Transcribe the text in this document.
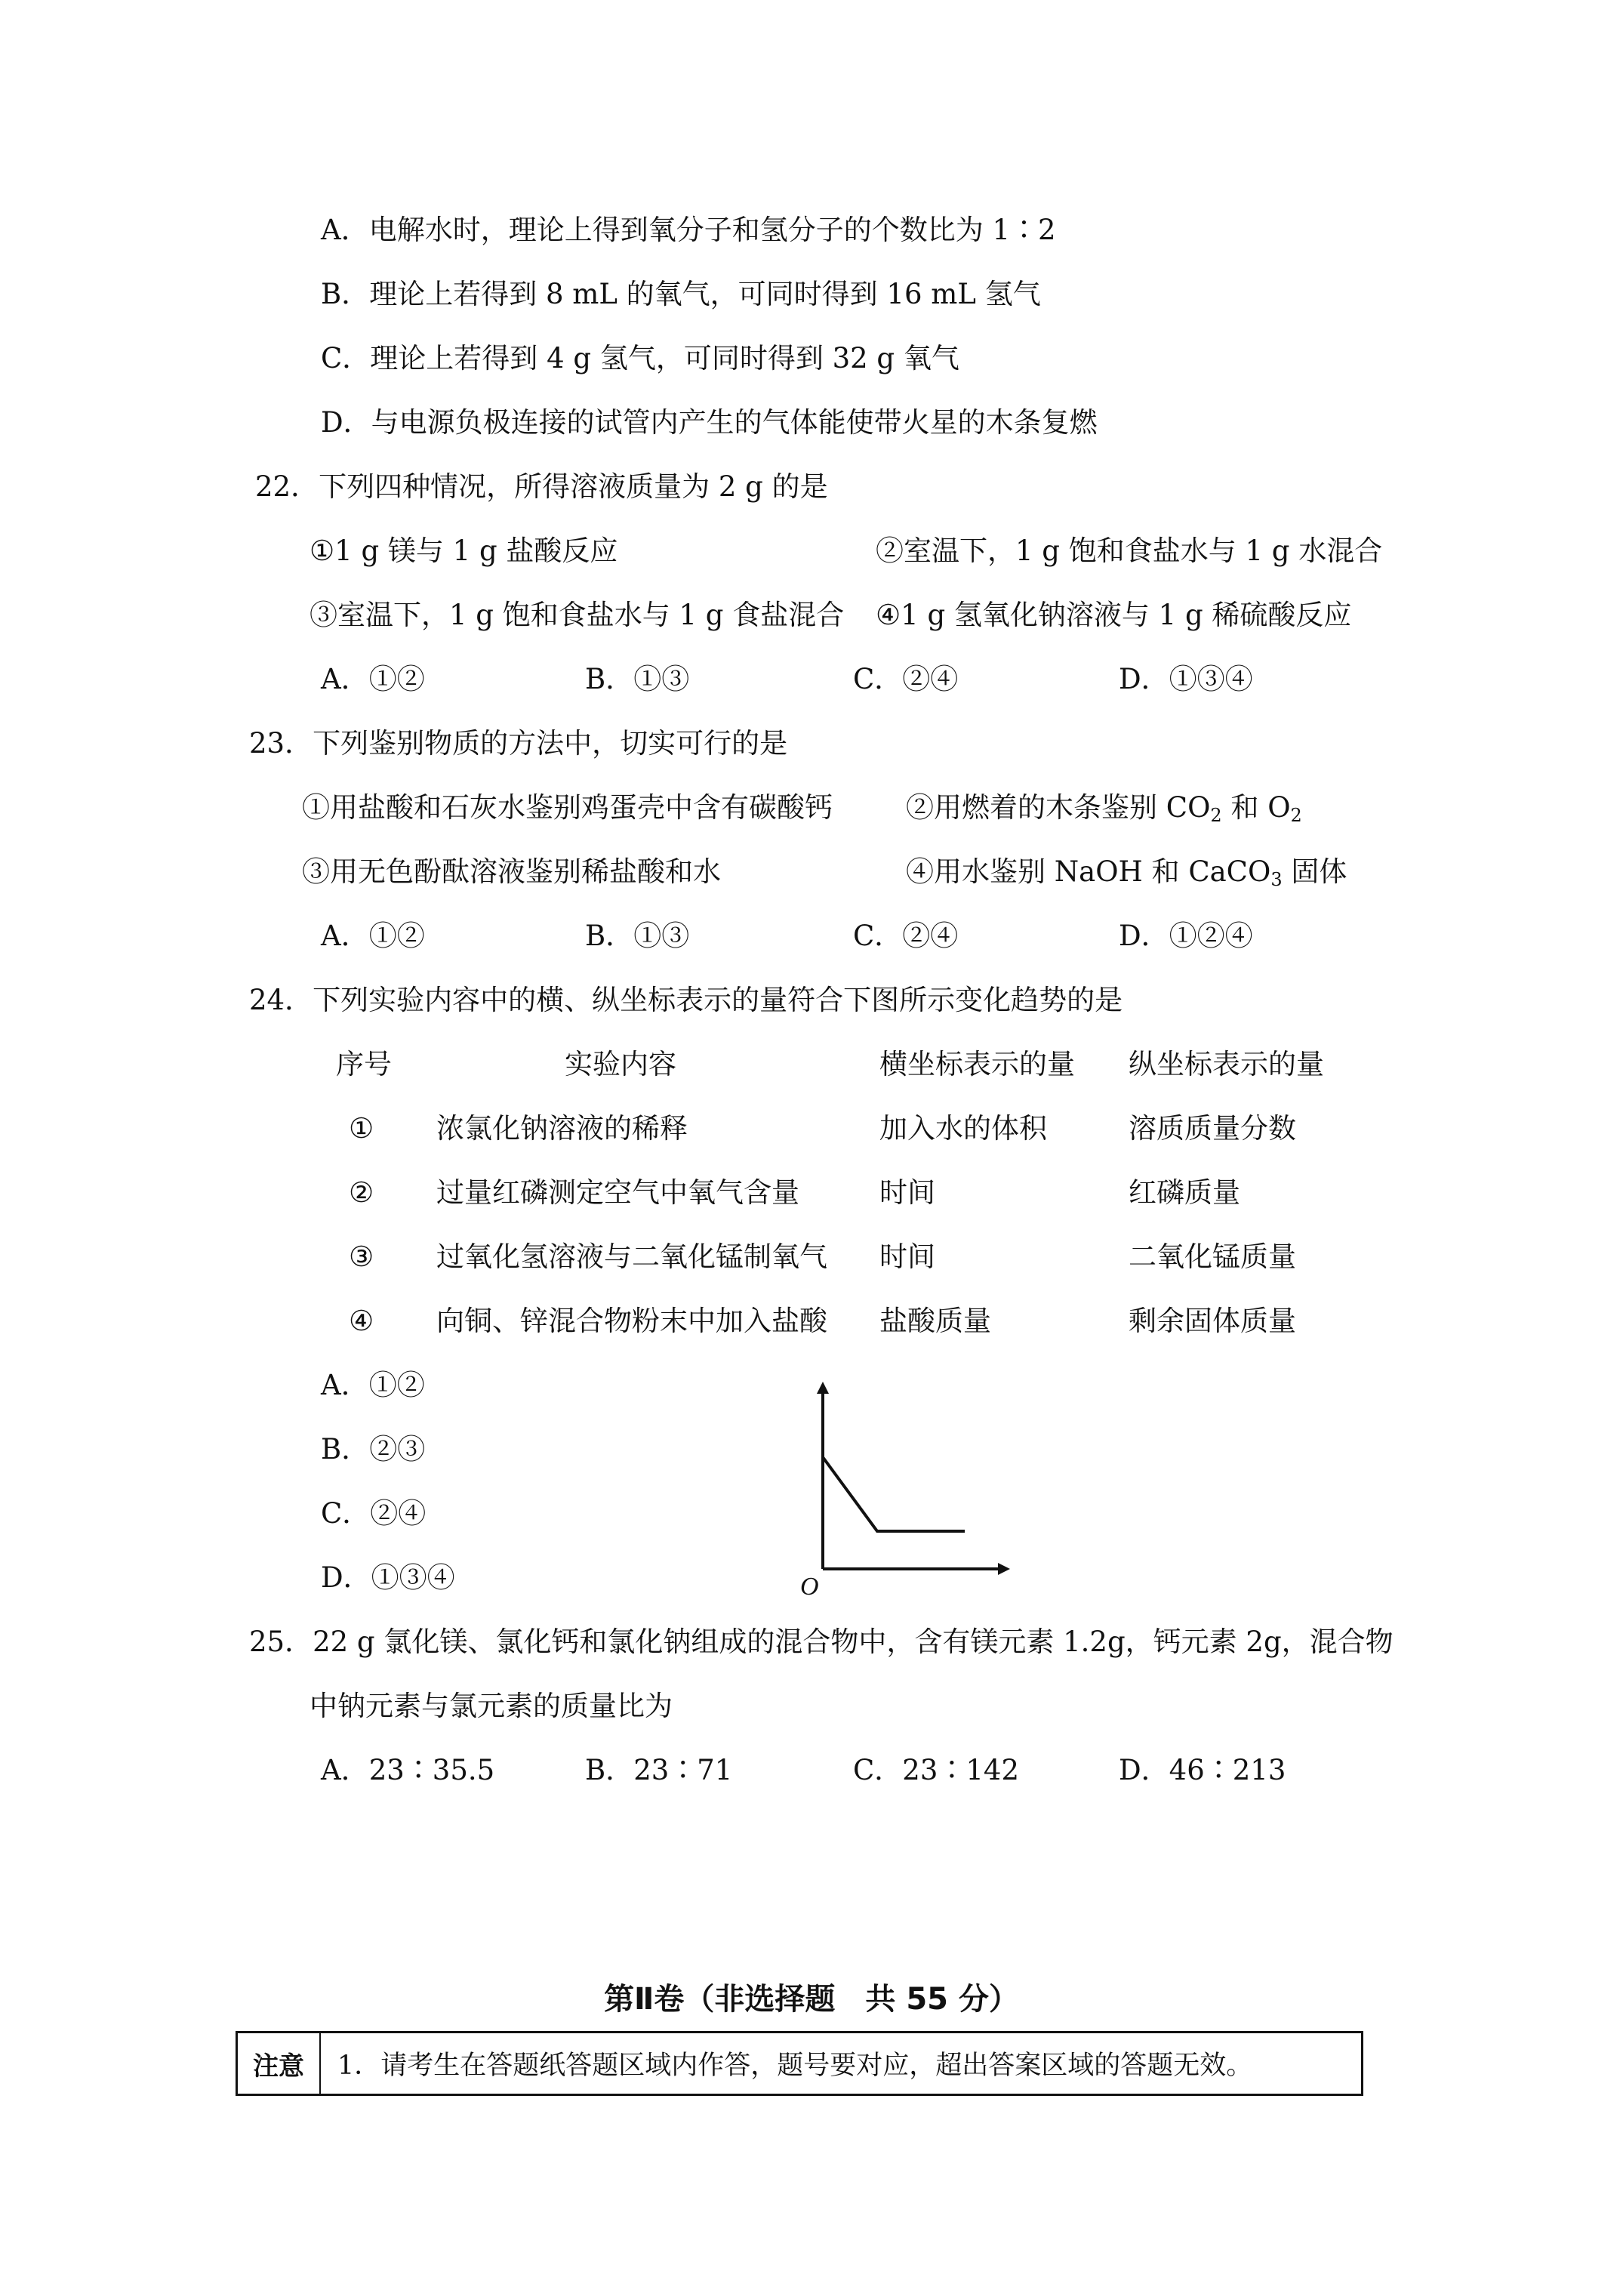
A．电解水时，理论上得到氧分子和氢分子的个数比为 1∶2
B．理论上若得到 8 mL 的氧气，可同时得到 16 mL 氢气
C．理论上若得到 4 g 氢气，可同时得到 32 g 氧气
D．与电源负极连接的试管内产生的气体能使带火星的木条复燃
22．下列四种情况，所得溶液质量为 2 g 的是
①1 g 镁与 1 g 盐酸反应	②室温下，1 g 饱和食盐水与 1 g 水混合
③室温下，1 g 饱和食盐水与 1 g 食盐混合 ④1 g 氢氧化钠溶液与 1 g 稀硫酸反应
A．①②	B．①③	C．②④	D．①③④
23．下列鉴别物质的方法中，切实可行的是
①用盐酸和石灰水鉴别鸡蛋壳中含有碳酸钙	②用燃着的木条鉴别 $CO_2$ 和 $O_2$
③用无色酚酞溶液鉴别稀盐酸和水	④用水鉴别 NaOH 和 CaCO$_3$ 固体
A．①②	B．①③	C．②④	D．①②④
24．下列实验内容中的横、纵坐标表示的量符合下图所示变化趋势的是
序号	实验内容	横坐标表示的量 纵坐标表示的量
① 浓氯化钠溶液的稀释	加入水的体积	溶质质量分数
② 过量红磷测定空气中氧气含量	时间	红磷质量
③ 过氧化氢溶液与二氧化锰制氧气 时间	二氧化锰质量
④ 向铜、锌混合物粉末中加入盐酸 盐酸质量	剩余固体质量
A．①②
B．②③
C．②④
D．①③④	O
25．22 g 氯化镁、氯化钙和氯化钠组成的混合物中，含有镁元素 1.2g，钙元素 2g，混合物
中钠元素与氯元素的质量比为
A．23∶35.5	B．23∶71	C．23∶142	D．46∶213
第Ⅱ卷（非选择题　共 55 分）
注意	1．请考生在答题纸答题区域内作答，题号要对应，超出答案区域的答题无效。
